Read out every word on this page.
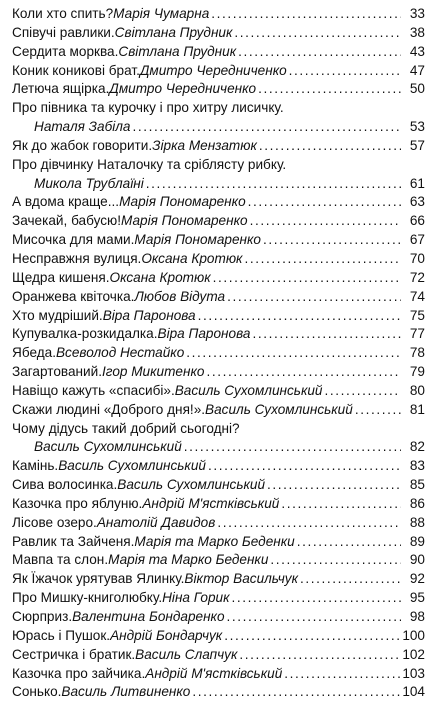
Коли хто спить? Марія Чумарна .....	33
Співучі равлики. Світлана Прудник .....	38
Сердита морква. Світлана Прудник .....	43
Коник коникові брат. Дмитро Чередниченко .....	47
Летюча ящірка. Дмитро Чередниченко .....	50
Про півника та курочку і про хитру лисичку.
Наталя Забіла .....	53
Як до жабок говорити. Зірка Мензатюк .....	57
Про дівчинку Наталочку та сріблясту рибку.
Микола Трублаїні .....	61
А вдома краще... Марія Пономаренко .....	63
Зачекай, бабусю! Марія Пономаренко .....	66
Мисочка для мами. Марія Пономаренко .....	67
Несправжня вулиця. Оксана Кротюк .....	70
Щедра кишеня. Оксана Кротюк .....	72
Оранжева квіточка. Любов Відута .....	74
Хто мудріший. Віра Паронова .....	75
Купувалка-розкидалка. Віра Паронова .....	77
Ябеда. Всеволод Нестайко .....	78
Загартований. Ігор Микитенко .....	79
Навіщо кажуть «спасибі». Василь Сухомлинський .....	80
Скажи людині «Доброго дня!». Василь Сухомлинський .....	81
Чому дідусь такий добрий сьогодні?
Василь Сухомлинський .....	82
Камінь. Василь Сухомлинський .....	83
Сива волосинка. Василь Сухомлинський .....	85
Казочка про яблуню. Андрій М'ястківський .....	86
Лісове озеро. Анатолій Давидов .....	88
Равлик та Зайченя. Марія та Марко Беденки .....	89
Мавпа та слон. Марія та Марко Беденки .....	90
Як Їжачок урятував Ялинку. Віктор Васильчук .....	92
Про Мишку-книголюбку. Ніна Горик .....	95
Сюрприз. Валентина Бондаренко .....	98
Юрась і Пушок. Андрій Бондарчук .....	100
Сестричка і братик. Василь Слапчук .....	102
Казочка про зайчика. Андрій М'ястківський .....	103
Сонько. Василь Литвиненко .....	104
